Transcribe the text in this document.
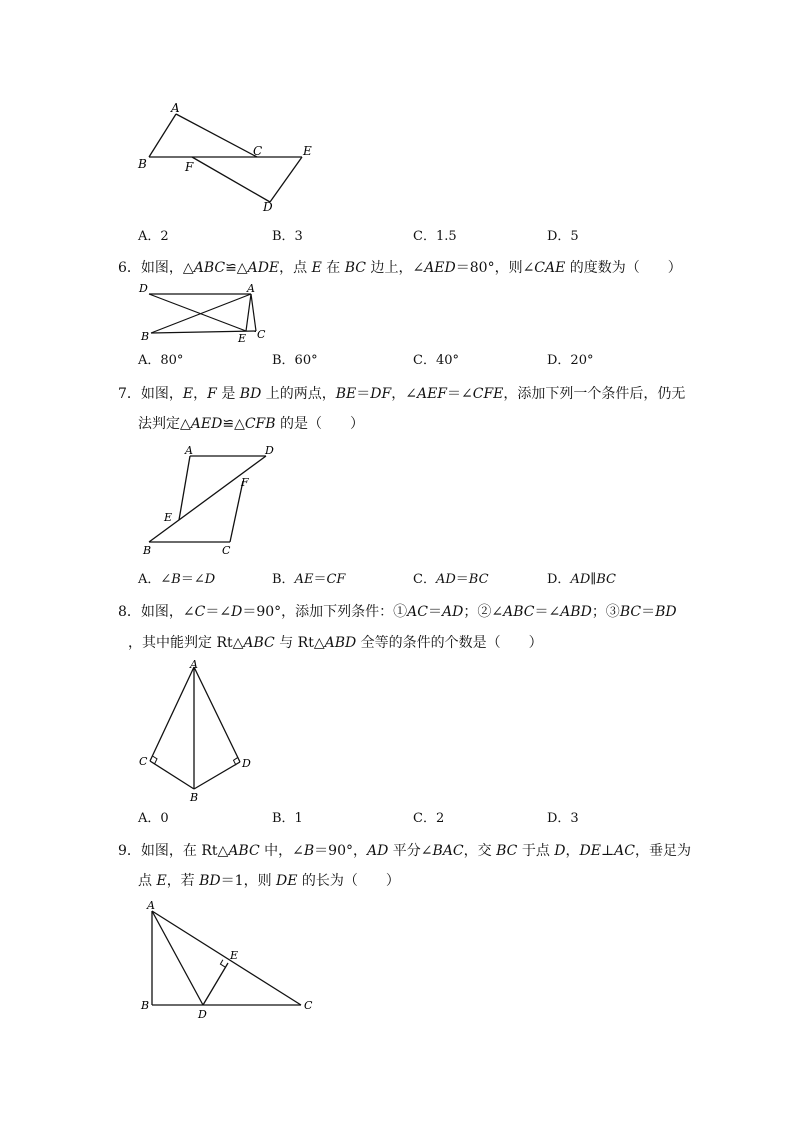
A
B
C	E
F
D
A．2	B．3	C．1.5	D．5
6．如图，△ABC≌△ADE，点 E 在 BC 边上，∠AED＝80°，则∠CAE 的度数为（　　）
D	A
B	E C
A．80°	B．60°	C．40°	D．20°
7．如图，E，F 是 BD 上的两点，BE＝DF，∠AEF＝∠CFE，添加下列一个条件后，仍无
法判定△AED≌△CFB 的是（　　）
A	D
F
E
B	C
A．∠B＝∠D	B．AE＝CF	C．AD＝BC	D．AD∥BC
8．如图，∠C＝∠D＝90°，添加下列条件：①AC＝AD；②∠ABC＝∠ABD；③BC＝BD
，其中能判定 Rt△ABC 与 Rt△ABD 全等的条件的个数是（　　）
A
C	D
B
A．0	B．1	C．2	D．3
9．如图，在 Rt△ABC 中，∠B＝90°，AD 平分∠BAC，交 BC 于点 D，DE⊥AC，垂足为
点 E，若 BD＝1，则 DE 的长为（　　）
A
E
B
D
C
